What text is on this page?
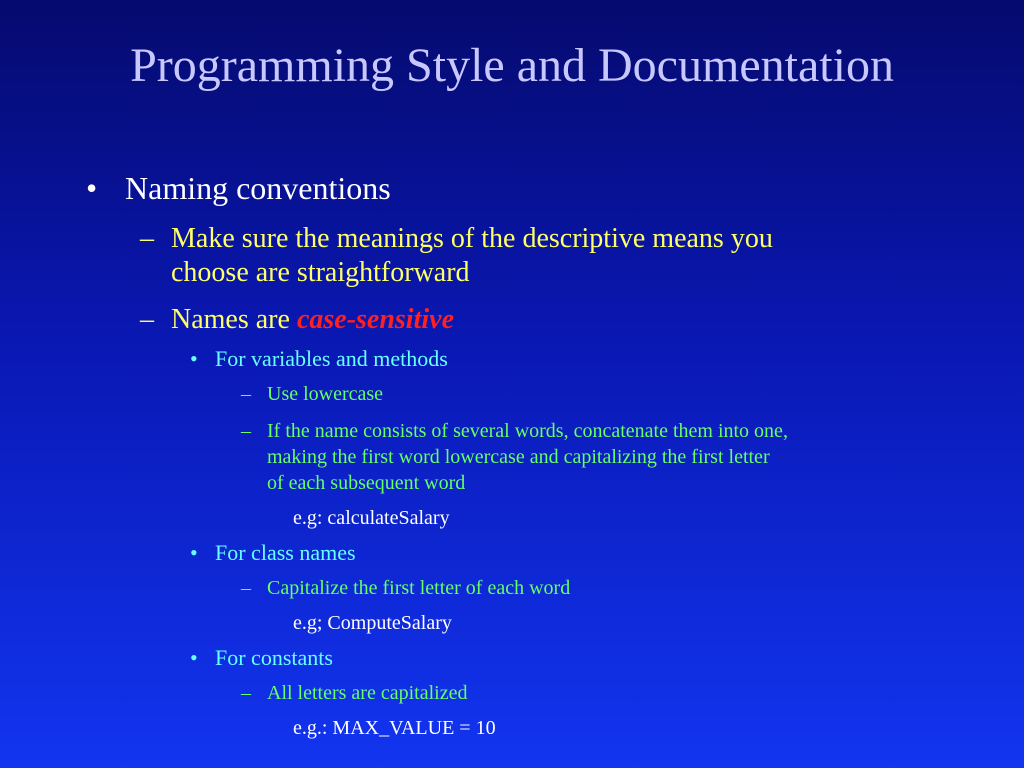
Programming Style and Documentation
• Naming conventions
– Make sure the meanings of the descriptive means you
choose are straightforward
– Names are case-sensitive
• For variables and methods
– Use lowercase
– If the name consists of several words, concatenate them into one,
making the first word lowercase and capitalizing the first letter
of each subsequent word
e.g: calculateSalary
• For class names
– Capitalize the first letter of each word
e.g; ComputeSalary
• For constants
– All letters are capitalized
e.g.: MAX_VALUE = 10
